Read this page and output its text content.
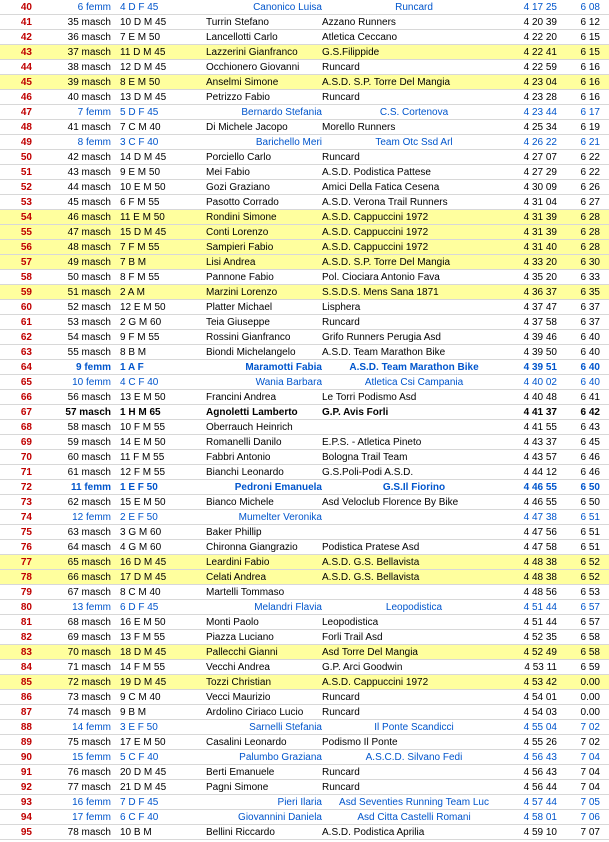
40	6 femm 4 D F 45	Canonico Luisa	Runcard	4 17 25	6 08
41	35 masch 10 D M 45	Turrin Stefano	Azzano Runners	4 20 39	6 12
42	36 masch 7 E M 50	Lancellotti Carlo	Atletica Ceccano	4 22 20	6 15
43	37 masch 11 D M 45	Lazzerini Gianfranco	G.S.Filippide	4 22 41	6 15
44	38 masch 12 D M 45	Occhionero Giovanni	Runcard	4 22 59	6 16
45	39 masch 8 E M 50	Anselmi Simone	A.S.D. S.P. Torre Del Mangia	4 23 04	6 16
46	40 masch 13 D M 45	Petrizzo Fabio	Runcard	4 23 28	6 16
47	7 femm 5 D F 45	Bernardo Stefania	C.S. Cortenova	4 23 44	6 17
48	41 masch 7 C M 40	Di Michele Jacopo	Morello Runners	4 25 34	6 19
49	8 femm 3 C F 40	Barichello Meri	Team Otc Ssd Arl	4 26 22	6 21
50	42 masch 14 D M 45	Porciello Carlo	Runcard	4 27 07	6 22
51	43 masch 9 E M 50	Mei Fabio	A.S.D. Podistica Pattese	4 27 29	6 22
52	44 masch 10 E M 50	Gozi Graziano	Amici Della Fatica Cesena	4 30 09	6 26
53	45 masch 6 F M 55	Pasotto Corrado	A.S.D. Verona Trail Runners	4 31 04	6 27
54	46 masch 11 E M 50	Rondini Simone	A.S.D. Cappuccini 1972	4 31 39	6 28
55	47 masch 15 D M 45	Conti Lorenzo	A.S.D. Cappuccini 1972	4 31 39	6 28
56	48 masch 7 F M 55	Sampieri Fabio	A.S.D. Cappuccini 1972	4 31 40	6 28
57	49 masch 7 B M	Lisi Andrea	A.S.D. S.P. Torre Del Mangia	4 33 20	6 30
58	50 masch 8 F M 55	Pannone Fabio	Pol. Ciociara Antonio Fava	4 35 20	6 33
59	51 masch 2 A M	Marzini Lorenzo	S.S.D.S. Mens Sana 1871	4 36 37	6 35
60	52 masch 12 E M 50	Platter Michael	Lisphera	4 37 47	6 37
61	53 masch 2 G M 60	Teia Giuseppe	Runcard	4 37 58	6 37
62	54 masch 9 F M 55	Rossini Gianfranco	Grifo Runners Perugia Asd	4 39 46	6 40
63	55 masch 8 B M	Biondi Michelangelo	A.S.D. Team Marathon Bike	4 39 50	6 40
64	9 femm 1 A F	Maramotti Fabia	A.S.D. Team Marathon Bike	4 39 51	6 40
65	10 femm 4 C F 40	Wania Barbara	Atletica Csi Campania	4 40 02	6 40
66	56 masch 13 E M 50	Francini Andrea	Le Torri Podismo Asd	4 40 48	6 41
67	57 masch 1 H M 65	Agnoletti Lamberto	G.P. Avis Forli	4 41 37	6 42
68	58 masch 10 F M 55	Oberrauch Heinrich	4 41 55	6 43
69	59 masch 14 E M 50	Romanelli Danilo	E.P.S. - Atletica Pineto	4 43 37	6 45
70	60 masch 11 F M 55	Fabbri Antonio	Bologna Trail Team	4 43 57	6 46
71	61 masch 12 F M 55	Bianchi Leonardo	G.S.Poli-Podi A.S.D.	4 44 12	6 46
72	11 femm 1 E F 50	Pedroni Emanuela	G.S.Il Fiorino	4 46 55	6 50
73	62 masch 15 E M 50	Bianco Michele	Asd Veloclub Florence By Bike	4 46 55	6 50
74	12 femm 2 E F 50	Mumelter Veronika	4 47 38	6 51
75	63 masch 3 G M 60	Baker Phillip	4 47 56	6 51
76	64 masch 4 G M 60	Chironna Giangrazio	Podistica Pratese Asd	4 47 58	6 51
77	65 masch 16 D M 45	Leardini Fabio	A.S.D. G.S. Bellavista	4 48 38	6 52
78	66 masch 17 D M 45	Celati Andrea	A.S.D. G.S. Bellavista	4 48 38	6 52
79	67 masch 8 C M 40	Martelli Tommaso	4 48 56	6 53
80	13 femm 6 D F 45	Melandri Flavia	Leopodistica	4 51 44	6 57
81	68 masch 16 E M 50	Monti Paolo	Leopodistica	4 51 44	6 57
82	69 masch 13 F M 55	Piazza Luciano	Forli Trail Asd	4 52 35	6 58
83	70 masch 18 D M 45	Pallecchi Gianni	Asd Torre Del Mangia	4 52 49	6 58
84	71 masch 14 F M 55	Vecchi Andrea	G.P. Arci Goodwin	4 53 11	6 59
85	72 masch 19 D M 45	Tozzi Christian	A.S.D. Cappuccini 1972	4 53 42	0.00
86	73 masch 9 C M 40	Vecci Maurizio	Runcard	4 54 01	0.00
87	74 masch 9 B M	Ardolino Ciriaco Lucio	Runcard	4 54 03	0.00
88	14 femm 3 E F 50	Sarnelli Stefania	Il Ponte Scandicci	4 55 04	7 02
89	75 masch 17 E M 50	Casalini Leonardo	Podismo Il Ponte	4 55 26	7 02
90	15 femm 5 C F 40	Palumbo Graziana	A.S.C.D. Silvano Fedi	4 56 43	7 04
91	76 masch 20 D M 45	Berti Emanuele	Runcard	4 56 43	7 04
92	77 masch 21 D M 45	Pagni Simone	Runcard	4 56 44	7 04
93	16 femm 7 D F 45	Pieri Ilaria	Asd Seventies Running Team Luc	4 57 44	7 05
94	17 femm 6 C F 40	Giovannini Daniela	Asd Citta Castelli Romani	4 58 01	7 06
95	78 masch 10 B M	Bellini Riccardo	A.S.D. Podistica Aprilia	4 59 10	7 07
